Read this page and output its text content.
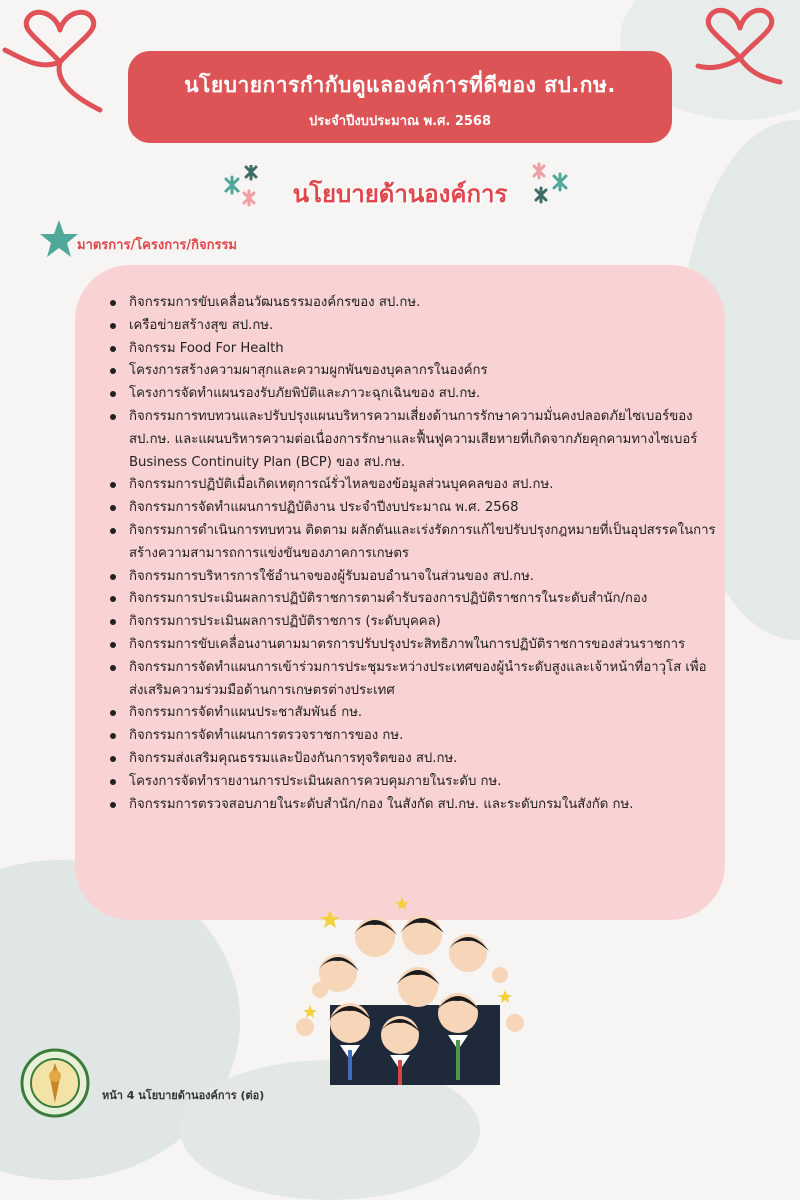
นโยบายการกำกับดูแลองค์การที่ดีของ สป.กษ.
ประจำปีงบประมาณ พ.ศ. 2568
นโยบายด้านองค์การ
มาตรการ/โครงการ/กิจกรรม
กิจกรรมการขับเคลื่อนวัฒนธรรมองค์กรของ สป.กษ.
เครือข่ายสร้างสุข สป.กษ.
กิจกรรม Food For Health
โครงการสร้างความผาสุกและความผูกพันของบุคลากรในองค์กร
โครงการจัดทำแผนรองรับภัยพิบัติและภาวะฉุกเฉินของ สป.กษ.
กิจกรรมการทบทวนและปรับปรุงแผนบริหารความเสี่ยงด้านการรักษาความมั่นคงปลอดภัยไซเบอร์ของ สป.กษ. และแผนบริหารความต่อเนื่องการรักษาและฟื้นฟูความเสียหายที่เกิดจากภัยคุกคามทางไซเบอร์ Business Continuity Plan (BCP) ของ สป.กษ.
กิจกรรมการปฏิบัติเมื่อเกิดเหตุการณ์รั่วไหลของข้อมูลส่วนบุคคลของ สป.กษ.
กิจกรรมการจัดทำแผนการปฏิบัติงาน ประจำปีงบประมาณ พ.ศ. 2568
กิจกรรมการดำเนินการทบทวน ติดตาม ผลักดันและเร่งรัดการแก้ไขปรับปรุงกฎหมายที่เป็นอุปสรรคในการสร้างความสามารถการแข่งขันของภาคการเกษตร
กิจกรรมการบริหารการใช้อำนาจของผู้รับมอบอำนาจในส่วนของ สป.กษ.
กิจกรรมการประเมินผลการปฏิบัติราชการตามคำรับรองการปฏิบัติราชการในระดับสำนัก/กอง
กิจกรรมการประเมินผลการปฏิบัติราชการ (ระดับบุคคล)
กิจกรรมการขับเคลื่อนงานตามมาตรการปรับปรุงประสิทธิภาพในการปฏิบัติราชการของส่วนราชการ
กิจกรรมการจัดทำแผนการเข้าร่วมการประชุมระหว่างประเทศของผู้นำระดับสูงและเจ้าหน้าที่อาวุโส เพื่อส่งเสริมความร่วมมือด้านการเกษตรต่างประเทศ
กิจกรรมการจัดทำแผนประชาสัมพันธ์ กษ.
กิจกรรมการจัดทำแผนการตรวจราชการของ กษ.
กิจกรรมส่งเสริมคุณธรรมและป้องกันการทุจริตของ สป.กษ.
โครงการจัดทำรายงานการประเมินผลการควบคุมภายในระดับ กษ.
กิจกรรมการตรวจสอบภายในระดับสำนัก/กอง ในสังกัด สป.กษ. และระดับกรมในสังกัด กษ.
หน้า 4 นโยบายด้านองค์การ (ต่อ)
